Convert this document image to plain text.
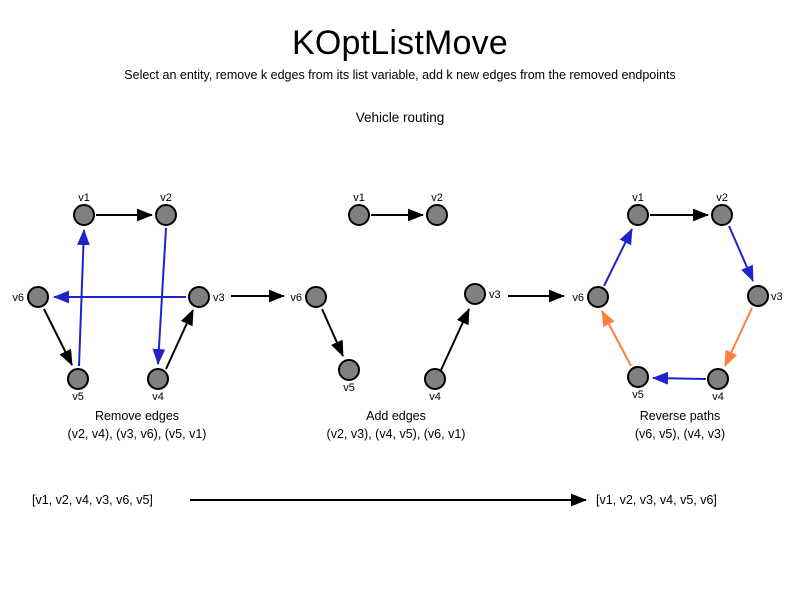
KOptListMove
Select an entity, remove k edges from its list variable, add k new edges from the removed endpoints
Vehicle routing
v1	v2
v3
v4
v5
v6
Remove edges
(v2, v4), (v3, v6), (v5, v1)
v1	v2
v3
v4
v5
v6
Add edges
(v2, v3), (v4, v5), (v6, v1)
v1	v2
v3
v4
v5
v6
Reverse paths
(v6, v5), (v4, v3)
[v1, v2, v4, v3, v6, v5]	[v1, v2, v3, v4, v5, v6]
